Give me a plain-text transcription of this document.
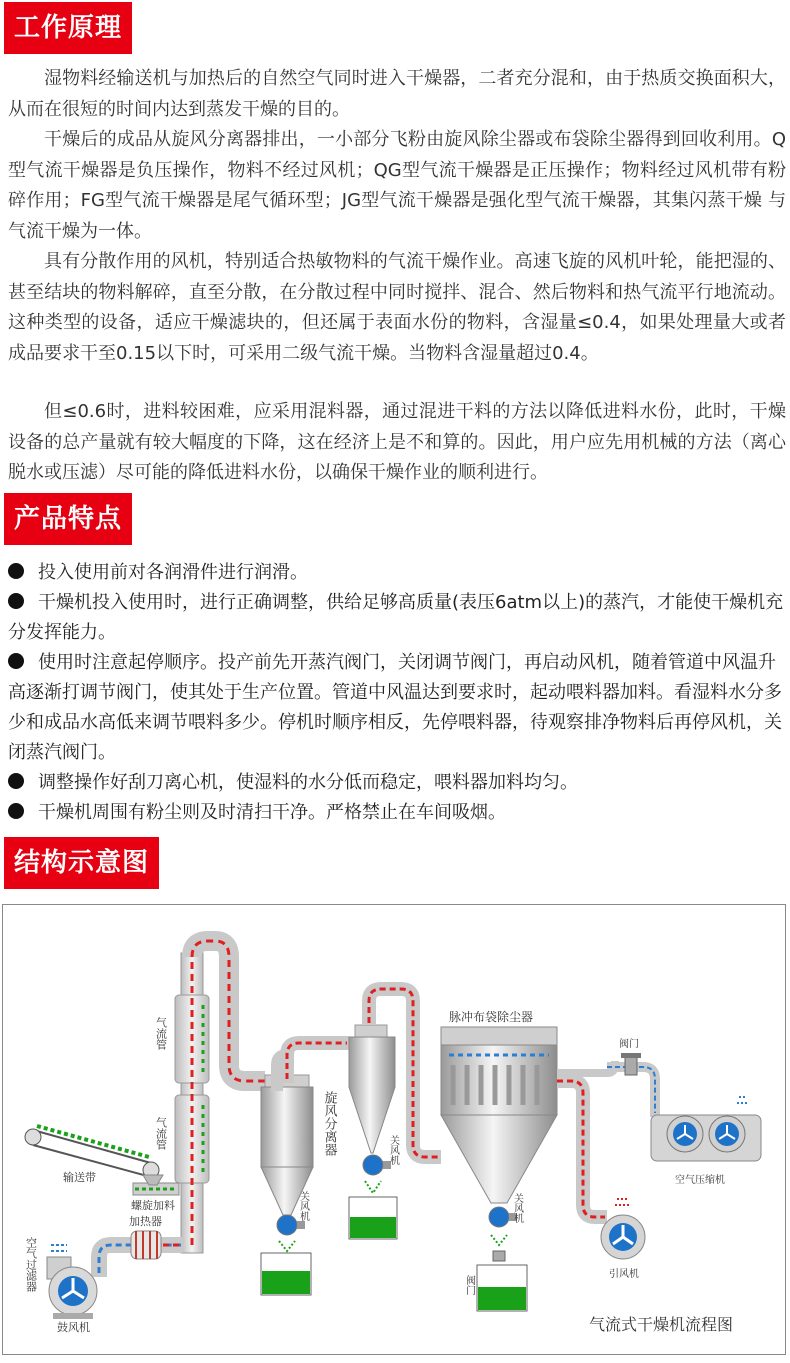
工作原理

湿物料经输送机与加热后的自然空气同时进入干燥器，二者充分混和，由于热质交换面积大，从而在很短的时间内达到蒸发干燥的目的。

干燥后的成品从旋风分离器排出，一小部分飞粉由旋风除尘器或布袋除尘器得到回收利用。Q型气流干燥器是负压操作，物料不经过风机；QG型气流干燥器是正压操作；物料经过风机带有粉碎作用；FG型气流干燥器是尾气循环型；JG型气流干燥器是强化型气流干燥器，其集闪蒸干燥 与气流干燥为一体。

具有分散作用的风机，特别适合热敏物料的气流干燥作业。高速飞旋的风机叶轮，能把湿的、甚至结块的物料解碎，直至分散，在分散过程中同时搅拌、混合、然后物料和热气流平行地流动。这种类型的设备，适应干燥滤块的，但还属于表面水份的物料，含湿量≤0.4，如果处理量大或者成品要求干至0.15以下时，可采用二级气流干燥。当物料含湿量超过0.4。

但≤0.6时，进料较困难，应采用混料器，通过混进干料的方法以降低进料水份，此时，干燥设备的总产量就有较大幅度的下降，这在经济上是不和算的。因此，用户应先用机械的方法（离心脱水或压滤）尽可能的降低进料水份，以确保干燥作业的顺利进行。

产品特点
投入使用前对各润滑件进行润滑。
干燥机投入使用时，进行正确调整，供给足够高质量(表压6atm以上)的蒸汽，才能使干燥机充分发挥能力。
使用时注意起停顺序。投产前先开蒸汽阀门，关闭调节阀门，再启动风机，随着管道中风温升高逐渐打调节阀门，使其处于生产位置。管道中风温达到要求时，起动喂料器加料。看湿料水分多少和成品水高低来调节喂料多少。停机时顺序相反，先停喂料器，待观察排净物料后再停风机，关闭蒸汽阀门。
调整操作好刮刀离心机，使湿料的水分低而稳定，喂料器加料均匀。
干燥机周围有粉尘则及时清扫干净。严格禁止在车间吸烟。
结构示意图
气流管
气流管
输送带
螺旋加料
空气过滤器
鼓风机
加热器
旋风分离器
关风机
关风机
关风机
脉冲布袋除尘器
阀门
阀门
空气压缩机
引风机
气流式干燥机流程图
